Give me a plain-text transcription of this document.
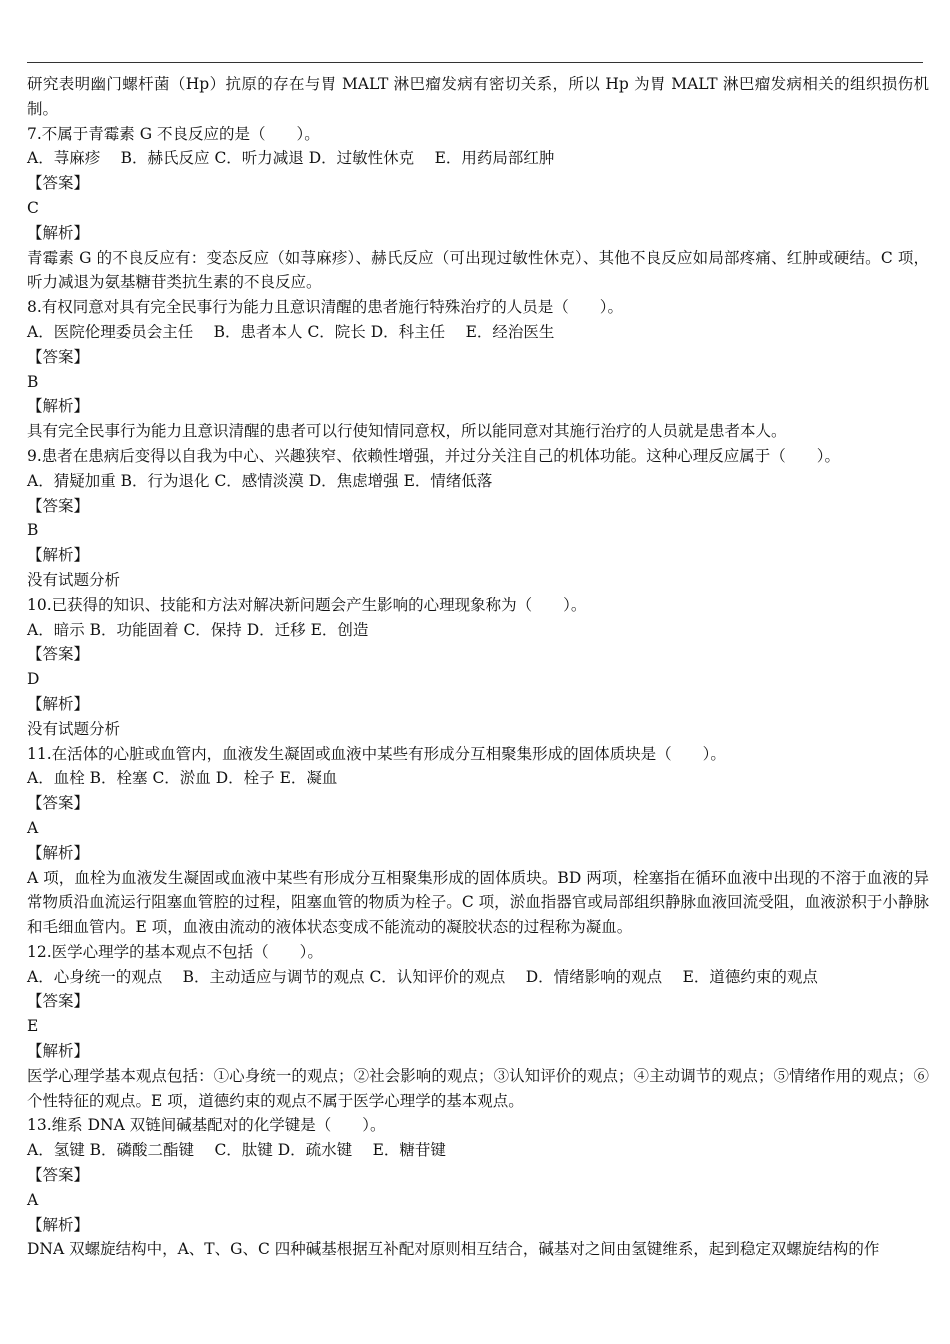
研究表明幽门螺杆菌（Hp）抗原的存在与胃 MALT 淋巴瘤发病有密切关系，所以 Hp 为胃 MALT 淋巴瘤发病相关的组织损伤机制。
7.不属于青霉素 G 不良反应的是（　　）。
A．荨麻疹　 B．赫氏反应 C．听力减退 D．过敏性休克　 E．用药局部红肿
【答案】
C
【解析】
青霉素 G 的不良反应有：变态反应（如荨麻疹）、赫氏反应（可出现过敏性休克）、其他不良反应如局部疼痛、红肿或硬结。C 项，听力减退为氨基糖苷类抗生素的不良反应。
8.有权同意对具有完全民事行为能力且意识清醒的患者施行特殊治疗的人员是（　　）。
A．医院伦理委员会主任　 B．患者本人 C．院长 D．科主任　 E．经治医生
【答案】
B
【解析】
具有完全民事行为能力且意识清醒的患者可以行使知情同意权，所以能同意对其施行治疗的人员就是患者本人。
9.患者在患病后变得以自我为中心、兴趣狭窄、依赖性增强，并过分关注自己的机体功能。这种心理反应属于（　　）。
A．猜疑加重 B．行为退化 C．感情淡漠 D．焦虑增强 E．情绪低落
【答案】
B
【解析】
没有试题分析
10.已获得的知识、技能和方法对解决新问题会产生影响的心理现象称为（　　）。
A．暗示 B．功能固着 C．保持 D．迁移 E．创造
【答案】
D
【解析】
没有试题分析
11.在活体的心脏或血管内，血液发生凝固或血液中某些有形成分互相聚集形成的固体质块是（　　）。
A．血栓 B．栓塞 C．淤血 D．栓子 E．凝血
【答案】
A
【解析】
A 项，血栓为血液发生凝固或血液中某些有形成分互相聚集形成的固体质块。BD 两项，栓塞指在循环血液中出现的不溶于血液的异常物质沿血流运行阻塞血管腔的过程，阻塞血管的物质为栓子。C 项，淤血指器官或局部组织静脉血液回流受阻，血液淤积于小静脉和毛细血管内。E 项，血液由流动的液体状态变成不能流动的凝胶状态的过程称为凝血。
12.医学心理学的基本观点不包括（　　）。
A．心身统一的观点　 B．主动适应与调节的观点 C．认知评价的观点　 D．情绪影响的观点　 E．道德约束的观点
【答案】
E
【解析】
医学心理学基本观点包括：①心身统一的观点；②社会影响的观点；③认知评价的观点；④主动调节的观点；⑤情绪作用的观点；⑥个性特征的观点。E 项，道德约束的观点不属于医学心理学的基本观点。
13.维系 DNA 双链间碱基配对的化学键是（　　）。
A．氢键 B．磷酸二酯键　 C．肽键 D．疏水键　 E．糖苷键
【答案】
A
【解析】
DNA 双螺旋结构中，A、T、G、C 四种碱基根据互补配对原则相互结合，碱基对之间由氢键维系，起到稳定双螺旋结构的作
